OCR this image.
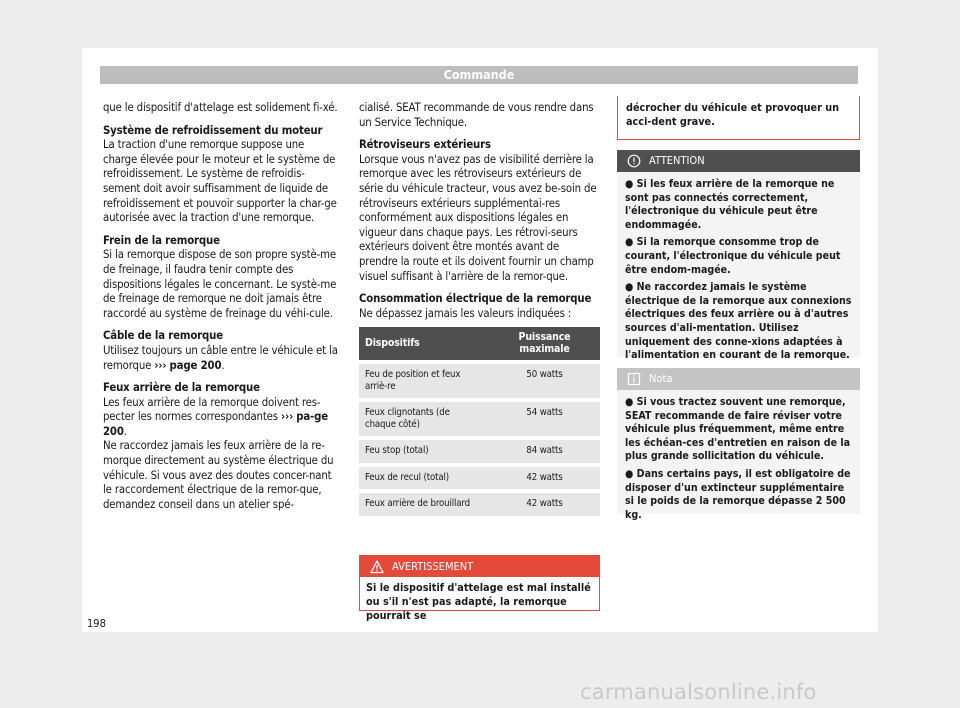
Commande

que le dispositif d'attelage est solidement fi-xé.

Système de refroidissement du moteur

La traction d'une remorque suppose une charge élevée pour le moteur et le système de refroidissement. Le système de refroidis-sement doit avoir suffisamment de liquide de refroidissement et pouvoir supporter la char-ge autorisée avec la traction d'une remorque.

Frein de la remorque

Si la remorque dispose de son propre systè-me de freinage, il faudra tenir compte des dispositions légales le concernant. Le systè-me de freinage de remorque ne doit jamais être raccordé au système de freinage du véhi-cule.

Câble de la remorque

Utilisez toujours un câble entre le véhicule et la remorque ››› page 200.

Feux arrière de la remorque

Les feux arrière de la remorque doivent res-pecter les normes correspondantes ››› pa-ge 200.

Ne raccordez jamais les feux arrière de la re-morque directement au système électrique du véhicule. Si vous avez des doutes concer-nant le raccordement électrique de la remor-que, demandez conseil dans un atelier spé-

cialisé. SEAT recommande de vous rendre dans un Service Technique.

Rétroviseurs extérieurs

Lorsque vous n'avez pas de visibilité derrière la remorque avec les rétroviseurs extérieurs de série du véhicule tracteur, vous avez be-soin de rétroviseurs extérieurs supplémentai-res conformément aux dispositions légales en vigueur dans chaque pays. Les rétrovi-seurs extérieurs doivent être montés avant de prendre la route et ils doivent fournir un champ visuel suffisant à l'arrière de la remor-que.

Consommation électrique de la remorque

Ne dépassez jamais les valeurs indiquées :

Dispositifs	Puissance maximale
Feu de position et feux arriè-re	50 watts
Feux clignotants (de chaque côté)	54 watts
Feu stop (total)	84 watts
Feux de recul (total)	42 watts
Feux arrière de brouillard	42 watts
AVERTISSEMENT
Si le dispositif d'attelage est mal installé ou s'il n'est pas adapté, la remorque pourrait se
décrocher du véhicule et provoquer un acci-dent grave.
ATTENTION
● Si les feux arrière de la remorque ne sont pas connectés correctement, l'électronique du véhicule peut être endommagée.
● Si la remorque consomme trop de courant, l'électronique du véhicule peut être endom-magée.
● Ne raccordez jamais le système électrique de la remorque aux connexions électriques des feux arrière ou à d'autres sources d'ali-mentation. Utilisez uniquement des conne-xions adaptées à l'alimentation en courant de la remorque.
Nota
● Si vous tractez souvent une remorque, SEAT recommande de faire réviser votre véhicule plus fréquemment, même entre les échéan-ces d'entretien en raison de la plus grande sollicitation du véhicule.
● Dans certains pays, il est obligatoire de disposer d'un extincteur supplémentaire si le poids de la remorque dépasse 2 500 kg.
198
carmanualsonline.info
